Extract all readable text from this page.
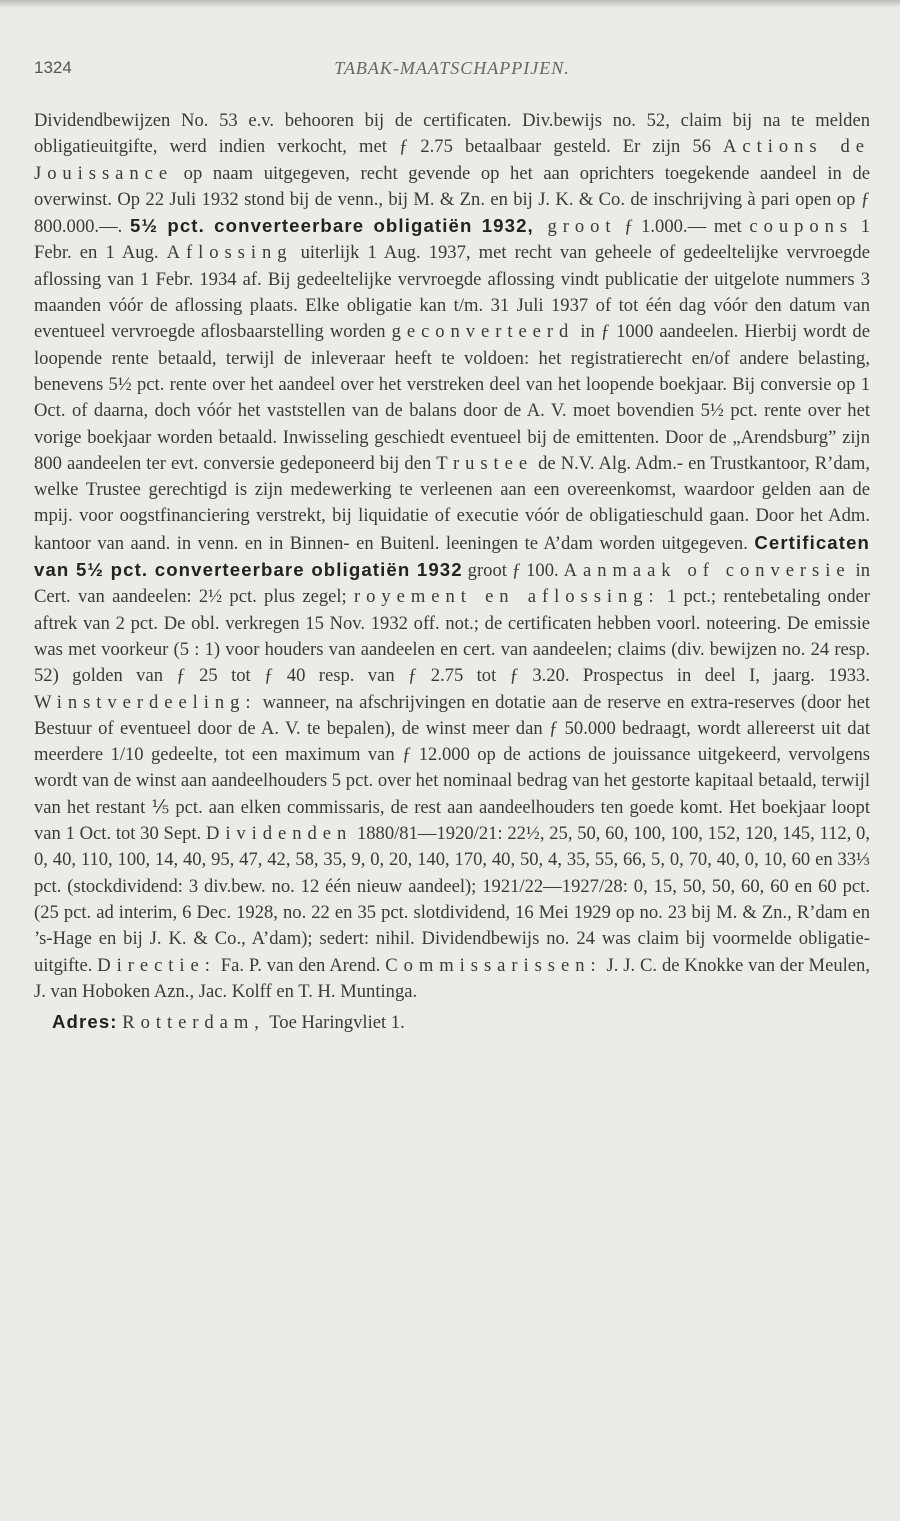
1324	TABAK-MAATSCHAPPIJEN.

Dividendbewijzen No. 53 e.v. behooren bij de certificaten. Div.bewijs no. 52, claim bij na te melden obligatieuitgifte, werd indien verkocht, met ƒ 2.75 betaalbaar gesteld. Er zijn 56 Actions de Jouissance op naam uitgegeven, recht gevende op het aan oprichters toegekende aandeel in de overwinst. Op 22 Juli 1932 stond bij de venn., bij M. & Zn. en bij J. K. & Co. de inschrijving à pari open op ƒ 800.000.—. 5½ pct. converteerbare obligatiën 1932, groot ƒ 1.000.— met coupons 1 Febr. en 1 Aug. Aflossing uiterlijk 1 Aug. 1937, met recht van geheele of gedeeltelijke vervroegde aflossing van 1 Febr. 1934 af. Bij gedeeltelijke vervroegde aflossing vindt publicatie der uitgelote nummers 3 maanden vóór de aflossing plaats. Elke obligatie kan t/m. 31 Juli 1937 of tot één dag vóór den datum van eventueel vervroegde aflosbaarstelling worden geconverteerd in ƒ 1000 aandeelen. Hierbij wordt de loopende rente betaald, terwijl de inleveraar heeft te voldoen: het registratierecht en/of andere belasting, benevens 5½ pct. rente over het aandeel over het verstreken deel van het loopende boekjaar. Bij conversie op 1 Oct. of daarna, doch vóór het vaststellen van de balans door de A. V. moet bovendien 5½ pct. rente over het vorige boekjaar worden betaald. Inwisseling geschiedt eventueel bij de emittenten. Door de „Arendsburg” zijn 800 aandeelen ter evt. conversie gedeponeerd bij den Trustee de N.V. Alg. Adm.- en Trustkantoor, R’dam, welke Trustee gerechtigd is zijn medewerking te verleenen aan een overeenkomst, waardoor gelden aan de mpij. voor oogstfinanciering verstrekt, bij liquidatie of executie vóór de obligatieschuld gaan. Door het Adm. kantoor van aand. in venn. en in Binnen- en Buitenl. leeningen te A’dam worden uitgegeven. Certificaten van 5½ pct. converteerbare obligatiën 1932 groot ƒ 100. Aanmaak of conversie in Cert. van aandeelen: 2½ pct. plus zegel; royement en aflossing: 1 pct.; rentebetaling onder aftrek van 2 pct. De obl. verkregen 15 Nov. 1932 off. not.; de certificaten hebben voorl. noteering. De emissie was met voorkeur (5 : 1) voor houders van aandeelen en cert. van aandeelen; claims (div. bewijzen no. 24 resp. 52) golden van ƒ 25 tot ƒ 40 resp. van ƒ 2.75 tot ƒ 3.20. Prospectus in deel I, jaarg. 1933. Winstverdeeling: wanneer, na afschrijvingen en dotatie aan de reserve en extra-reserves (door het Bestuur of eventueel door de A. V. te bepalen), de winst meer dan ƒ 50.000 bedraagt, wordt allereerst uit dat meerdere 1/10 gedeelte, tot een maximum van ƒ 12.000 op de actions de jouissance uitgekeerd, vervolgens wordt van de winst aan aandeelhouders 5 pct. over het nominaal bedrag van het gestorte kapitaal betaald, terwijl van het restant ⅕ pct. aan elken commissaris, de rest aan aandeelhouders ten goede komt. Het boekjaar loopt van 1 Oct. tot 30 Sept. Dividenden 1880/81—1920/21: 22½, 25, 50, 60, 100, 100, 152, 120, 145, 112, 0, 0, 40, 110, 100, 14, 40, 95, 47, 42, 58, 35, 9, 0, 20, 140, 170, 40, 50, 4, 35, 55, 66, 5, 0, 70, 40, 0, 10, 60 en 33⅓ pct. (stockdividend: 3 div.bew. no. 12 één nieuw aandeel); 1921/22—1927/28: 0, 15, 50, 50, 60, 60 en 60 pct. (25 pct. ad interim, 6 Dec. 1928, no. 22 en 35 pct. slotdividend, 16 Mei 1929 op no. 23 bij M. & Zn., R’dam en ’s-Hage en bij J. K. & Co., A’dam); sedert: nihil. Dividendbewijs no. 24 was claim bij voormelde obligatie-uitgifte. Directie: Fa. P. van den Arend. Commissarissen: J. J. C. de Knokke van der Meulen, J. van Hoboken Azn., Jac. Kolff en T. H. Muntinga.

Adres: Rotterdam, Toe Haringvliet 1.
